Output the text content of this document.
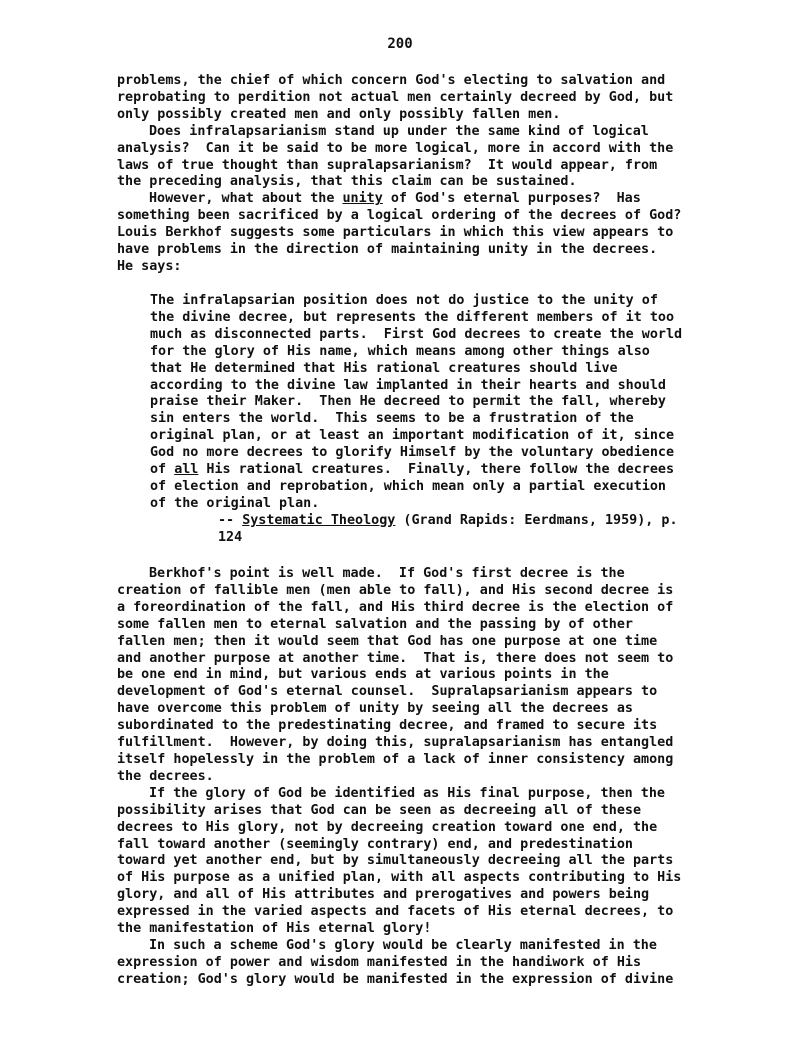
200
problems, the chief of which concern God's electing to salvation and
reprobating to perdition not actual men certainly decreed by God, but
only possibly created men and only possibly fallen men.
Does infralapsarianism stand up under the same kind of logical
analysis?  Can it be said to be more logical, more in accord with the
laws of true thought than supralapsarianism?  It would appear, from
the preceding analysis, that this claim can be sustained.
However, what about the unity of God's eternal purposes?  Has
something been sacrificed by a logical ordering of the decrees of God?
Louis Berkhof suggests some particulars in which this view appears to
have problems in the direction of maintaining unity in the decrees.
He says:
The infralapsarian position does not do justice to the unity of
the divine decree, but represents the different members of it too
much as disconnected parts.  First God decrees to create the world
for the glory of His name, which means among other things also
that He determined that His rational creatures should live
according to the divine law implanted in their hearts and should
praise their Maker.  Then He decreed to permit the fall, whereby
sin enters the world.  This seems to be a frustration of the
original plan, or at least an important modification of it, since
God no more decrees to glorify Himself by the voluntary obedience
of all His rational creatures.  Finally, there follow the decrees
of election and reprobation, which mean only a partial execution
of the original plan.
-- Systematic Theology (Grand Rapids: Eerdmans, 1959), p.
124
Berkhof's point is well made.  If God's first decree is the
creation of fallible men (men able to fall), and His second decree is
a foreordination of the fall, and His third decree is the election of
some fallen men to eternal salvation and the passing by of other
fallen men; then it would seem that God has one purpose at one time
and another purpose at another time.  That is, there does not seem to
be one end in mind, but various ends at various points in the
development of God's eternal counsel.  Supralapsarianism appears to
have overcome this problem of unity by seeing all the decrees as
subordinated to the predestinating decree, and framed to secure its
fulfillment.  However, by doing this, supralapsarianism has entangled
itself hopelessly in the problem of a lack of inner consistency among
the decrees.
If the glory of God be identified as His final purpose, then the
possibility arises that God can be seen as decreeing all of these
decrees to His glory, not by decreeing creation toward one end, the
fall toward another (seemingly contrary) end, and predestination
toward yet another end, but by simultaneously decreeing all the parts
of His purpose as a unified plan, with all aspects contributing to His
glory, and all of His attributes and prerogatives and powers being
expressed in the varied aspects and facets of His eternal decrees, to
the manifestation of His eternal glory!
In such a scheme God's glory would be clearly manifested in the
expression of power and wisdom manifested in the handiwork of His
creation; God's glory would be manifested in the expression of divine
